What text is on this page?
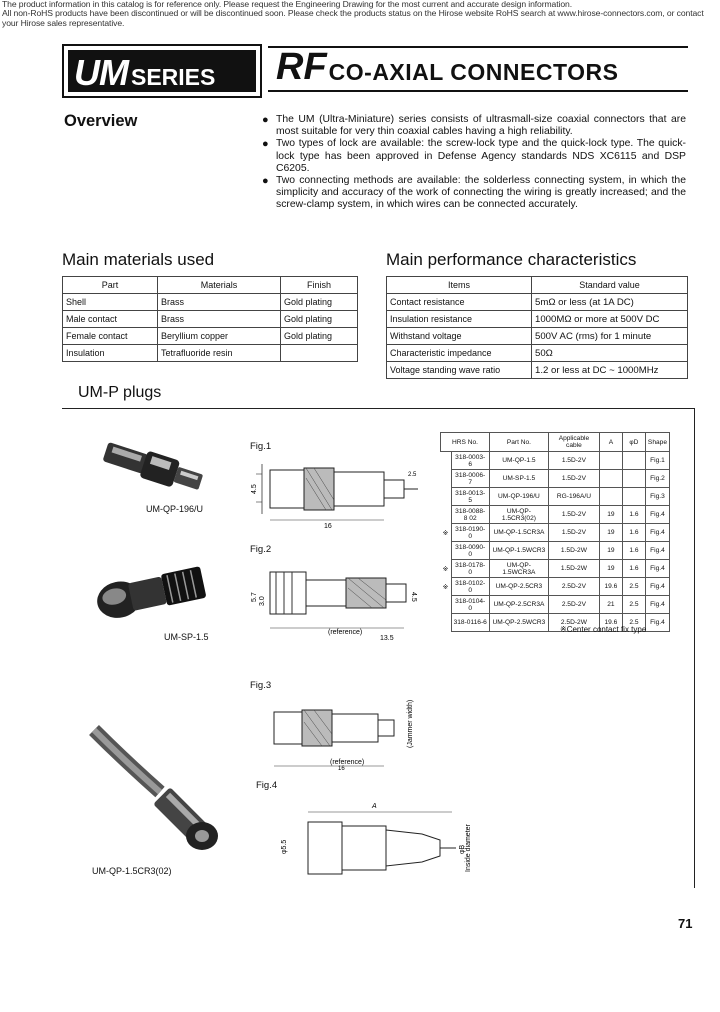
The product information in this catalog is for reference only. Please request the Engineering Drawing for the most current and accurate design information.
All non-RoHS products have been discontinued or will be discontinued soon. Please check the products status on the Hirose website RoHS search at www.hirose-connectors.com, or contact your Hirose sales representative.
UM SERIES RF CO-AXIAL CONNECTORS
Overview	● The UM (Ultra-Miniature) series consists of ultrasmall-size coaxial connectors that are most suitable for very thin coaxial cables having a high reliability.
● Two types of lock are available: the screw-lock type and the quick-lock type. The quick-lock type has been approved in Defense Agency standards NDS XC6115 and DSP C6205.
● Two connecting methods are available: the solderless connecting system, in which the simplicity and accuracy of the work of connecting the wiring is greatly increased; and the screw-clamp system, in which wires can be connected accurately.
Main materials used
Part	Materials	Finish
Shell	Brass	Gold plating
Male contact	Brass	Gold plating
Female contact	Beryllium copper	Gold plating
Insulation	Tetrafluoride resin	
Main performance characteristics
Items	Standard value
Contact resistance	5mΩ or less (at 1A DC)
Insulation resistance	1000MΩ or more at 500V DC
Withstand voltage	500V AC (rms) for 1 minute
Characteristic impedance	50Ω
Voltage standing wave ratio	1.2 or less at DC ~ 1000MHz
UM-P plugs
UM-QP-196/U
UM-SP-1.5
UM-QP-1.5CR3(02)
Fig.1
4.5
16
2.5
Fig.2
5.7 3.0	4.5
(reference)
13.5
Fig.3
(Jammer width)
(reference)
16
Fig.4
A
φ5.5	φB Inside diameter
HRS No.		Part No.	Applicable cable	A	φD	Shape
	318-0003-6	UM-QP-1.5	1.5D-2V			Fig.1
	318-0006-7	UM-SP-1.5	1.5D-2V			Fig.2
	318-0013-5	UM-QP-196/U	RG-196A/U			Fig.3
	318-0088-8 02	UM-QP-1.5CR3(02)	1.5D-2V	19	1.6	Fig.4
※	318-0190-0	UM-QP-1.5CR3A	1.5D-2V	19	1.6	Fig.4
	318-0090-0	UM-QP-1.5WCR3	1.5D-2W	19	1.6	Fig.4
※	318-0178-0	UM-QP-1.5WCR3A	1.5D-2W	19	1.6	Fig.4
※	318-0102-0	UM-QP-2.5CR3	2.5D-2V	19.6	2.5	Fig.4
	318-0104-0	UM-QP-2.5CR3A	2.5D-2V	21	2.5	Fig.4
	318-0116-6	UM-QP-2.5WCR3	2.5D-2W	19.6	2.5	Fig.4
※Center contact fix type
71
